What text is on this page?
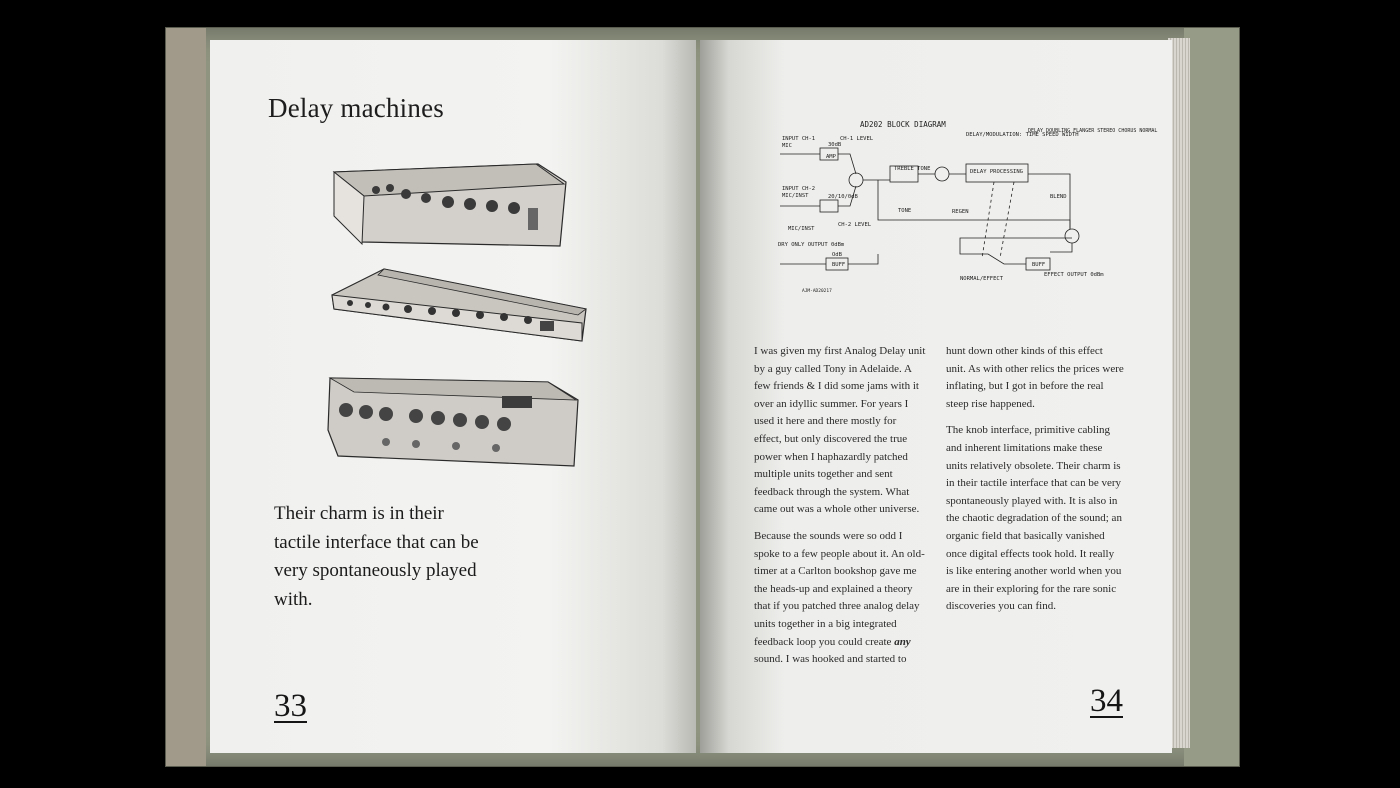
Delay machines
Their charm is in their tactile interface that can be very spontaneously played with.
33
AD202 BLOCK DIAGRAM
INPUT CH-1
MIC
CH-1 LEVEL
30dB
AMP
INPUT CH-2
MIC/INST	20/10/0dB
MIC/INST
CH-2 LEVEL
TREBLE TONE
TONE
DELAY/MODULATION: TIME SPEED WIDTH
DELAY PROCESSING
REGEN
DELAY DOUBLING FLANGER STEREO CHORUS NORMAL
BLEND
DRY ONLY OUTPUT 0dBm
OdB
BUFF	BUFF
NORMAL/EFFECT
EFFECT OUTPUT 0dBm
AJM-AD20217

I was given my first Analog Delay unit by a guy called Tony in Adelaide. A few friends & I did some jams with it over an idyllic summer. For years I used it here and there mostly for effect, but only discovered the true power when I haphazardly patched multiple units together and sent feedback through the system. What came out was a whole other universe.

Because the sounds were so odd I spoke to a few people about it. An old-timer at a Carlton bookshop gave me the heads-up and explained a theory that if you patched three analog delay units together in a big integrated feedback loop you could create any sound. I was hooked and started to

hunt down other kinds of this effect unit. As with other relics the prices were inflating, but I got in before the real steep rise happened.

The knob interface, primitive cabling and inherent limitations make these units relatively obsolete. Their charm is in their tactile interface that can be very spontaneously played with. It is also in the chaotic degradation of the sound; an organic field that basically vanished once digital effects took hold. It really is like entering another world when you are in their exploring for the rare sonic discoveries you can find.

34
